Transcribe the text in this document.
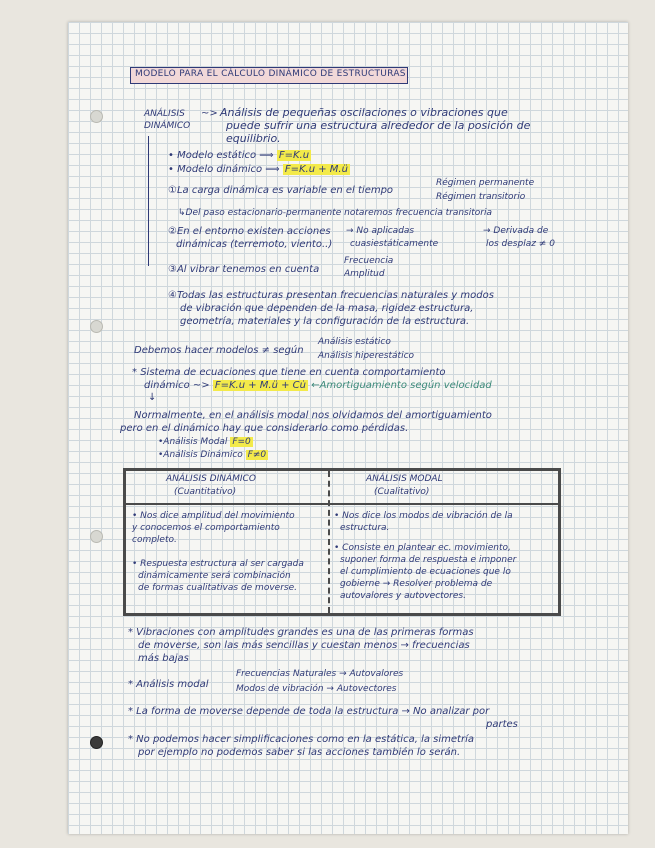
MODELO PARA EL CÁLCULO DINÁMICO DE ESTRUCTURAS
ANÁLISIS
DINÁMICO
~> Análisis de pequeñas oscilaciones o vibraciones que
puede sufrir una estructura alrededor de la posición de
equilibrio.
• Modelo estático ⟹ F=K.u
• Modelo dinámico ⟹ F=K.u + M.ü
①La carga dinámica es variable en el tiempo
Régimen permanente
Régimen transitorio
↳Del paso estacionario-permanente notaremos frecuencia transitoria
②En el entorno existen acciones
dinámicas (terremoto, viento..)
→ No aplicadas
cuasiestáticamente
→ Derivada de
los desplaz ≠ 0
③Al vibrar tenemos en cuenta
Frecuencia
Amplitud
④Todas las estructuras presentan frecuencias naturales y modos
de vibración que dependen de la masa, rigidez estructura,
geometría, materiales y la configuración de la estructura.
Debemos hacer modelos ≠ según
Análisis estático
Análisis hiperestático
* Sistema de ecuaciones que tiene en cuenta comportamiento
dinámico ~> F=K.u + M.ü + Cu̇ ←Amortiguamiento según velocidad
↓
Normalmente, en el análisis modal nos olvidamos del amortiguamiento
pero en el dinámico hay que considerarlo como pérdidas.
•Análisis Modal F=0
•Análisis Dinámico F≠0
ANÁLISIS DINÁMICO
(Cuantitativo)
ANÁLISIS MODAL
(Cualitativo)
• Nos dice amplitud del movimiento
y conocemos el comportamiento
completo.
• Respuesta estructura al ser cargada
dinámicamente será combinación
de formas cualitativas de moverse.
• Nos dice los modos de vibración de la
estructura.
• Consiste en plantear ec. movimiento,
suponer forma de respuesta e imponer
el cumplimiento de ecuaciones que lo
gobierne → Resolver problema de
autovalores y autovectores.
* Vibraciones con amplitudes grandes es una de las primeras formas
de moverse, son las más sencillas y cuestan menos → frecuencias
más bajas
* Análisis modal
Frecuencias Naturales → Autovalores
Modos de vibración → Autovectores
* La forma de moverse depende de toda la estructura → No analizar por
partes
* No podemos hacer simplificaciones como en la estática, la simetría
por ejemplo no podemos saber si las acciones también lo serán.
